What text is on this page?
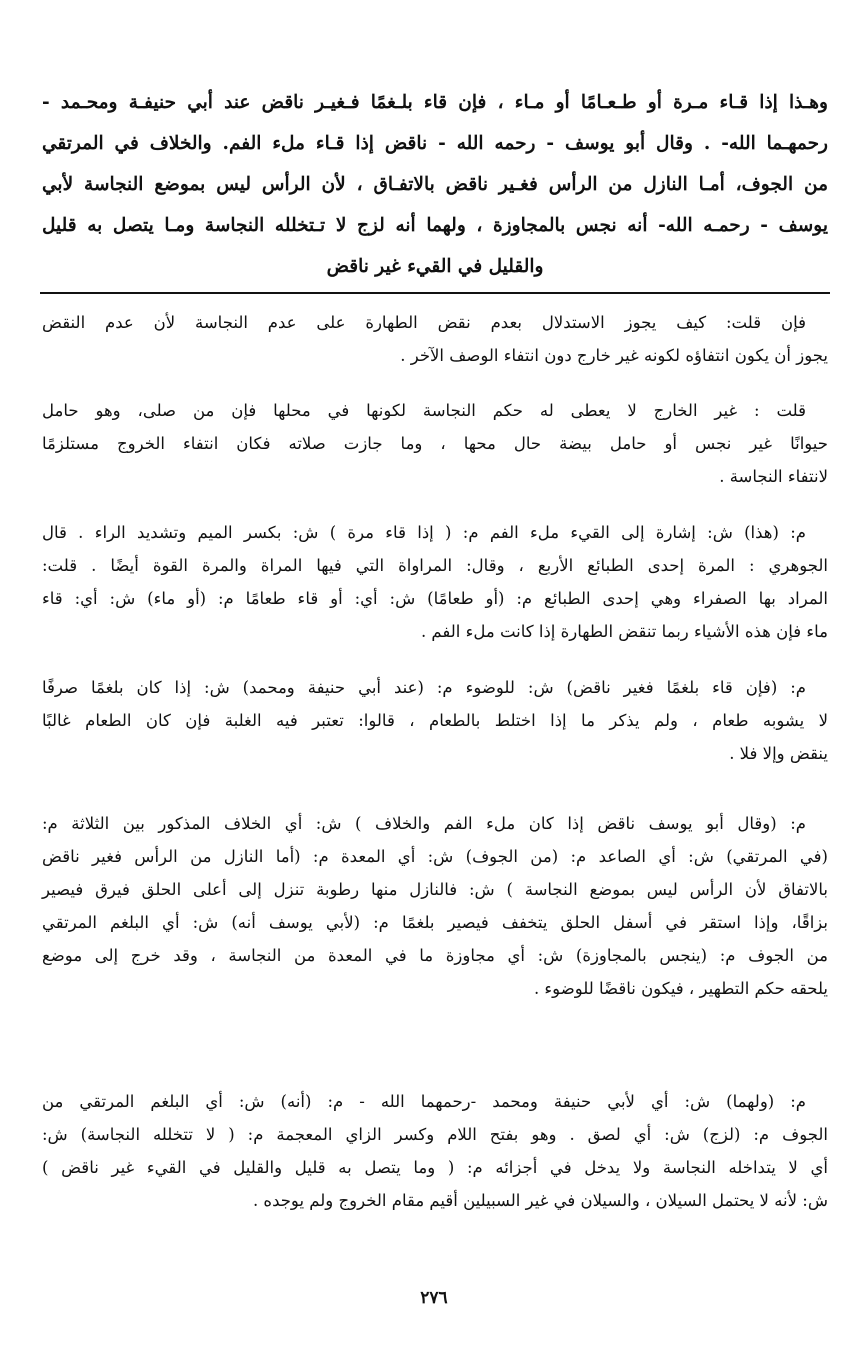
وهـذا إذا قـاء مـرة أو طـعـامًا أو مـاء ، فإن قاء بلـغمًا فـغيـر ناقض عند أبي حنيفـة ومحـمد -
رحمهـما الله- . وقال أبو يوسف - رحمه الله - ناقض إذا قـاء ملء الفم. والخلاف في المرتقي
من الجوف، أمـا النازل من الرأس فغـير ناقض بالاتفـاق ، لأن الرأس ليس بموضع النجاسة لأبي
يوسف - رحمـه الله- أنه نجس بالمجاوزة ، ولهما أنه لزج لا تـتخلله النجاسة ومـا يتصل به قليل
والقليل في القيء غير ناقض
فإن قلت: كيف يجوز الاستدلال بعدم نقض الطهارة على عدم النجاسة لأن عدم النقض
يجوز أن يكون انتفاؤه لكونه غير خارج دون انتفاء الوصف الآخر .
قلت : غير الخارج لا يعطى له حكم النجاسة لكونها في محلها فإن من صلى، وهو حامل
حيوانًا غير نجس أو حامل بيضة حال محها ، وما جازت صلاته فكان انتفاء الخروج مستلزمًا
لانتفاء النجاسة .
م: (هذا) ش: إشارة إلى القيء ملء الفم م: ( إذا قاء مرة ) ش: بكسر الميم وتشديد الراء . قال
الجوهري : المرة إحدى الطبائع الأربع ، وقال: المراواة التي فيها المراة والمرة القوة أيضًا . قلت:
المراد بها الصفراء وهي إحدى الطبائع م: (أو طعامًا) ش: أي: أو قاء طعامًا م: (أو ماء) ش: أي: قاء
ماء فإن هذه الأشياء ربما تنقض الطهارة إذا كانت ملء الفم .
م: (فإن قاء بلغمًا فغير ناقض) ش: للوضوء م: (عند أبي حنيفة ومحمد) ش: إذا كان بلغمًا صرفًا
لا يشوبه طعام ، ولم يذكر ما إذا اختلط بالطعام ، قالوا: تعتبر فيه الغلبة فإن كان الطعام غالبًا
ينقض وإلا فلا .
م: (وقال أبو يوسف ناقض إذا كان ملء الفم والخلاف ) ش: أي الخلاف المذكور بين الثلاثة م:
(في المرتقي) ش: أي الصاعد م: (من الجوف) ش: أي المعدة م: (أما النازل من الرأس فغير ناقض
بالاتفاق لأن الرأس ليس بموضع النجاسة ) ش: فالنازل منها رطوبة تنزل إلى أعلى الحلق فيرق فيصير
بزاقًا، وإذا استقر في أسفل الحلق يتخفف فيصير بلغمًا م: (لأبي يوسف أنه) ش: أي البلغم المرتقي
من الجوف م: (ينجس بالمجاوزة) ش: أي مجاوزة ما في المعدة من النجاسة ، وقد خرج إلى موضع
يلحقه حكم التطهير ، فيكون ناقضًا للوضوء .
م: (ولهما) ش: أي لأبي حنيفة ومحمد -رحمهما الله - م: (أنه) ش: أي البلغم المرتقي من
الجوف م: (لزج) ش: أي لصق . وهو بفتح اللام وكسر الزاي المعجمة م: ( لا تتخلله النجاسة) ش:
أي لا يتداخله النجاسة ولا يدخل في أجزائه م: ( وما يتصل به قليل والقليل في القيء غير ناقض )
ش: لأنه لا يحتمل السيلان ، والسيلان في غير السبيلين أقيم مقام الخروج ولم يوجده .
٢٧٦
